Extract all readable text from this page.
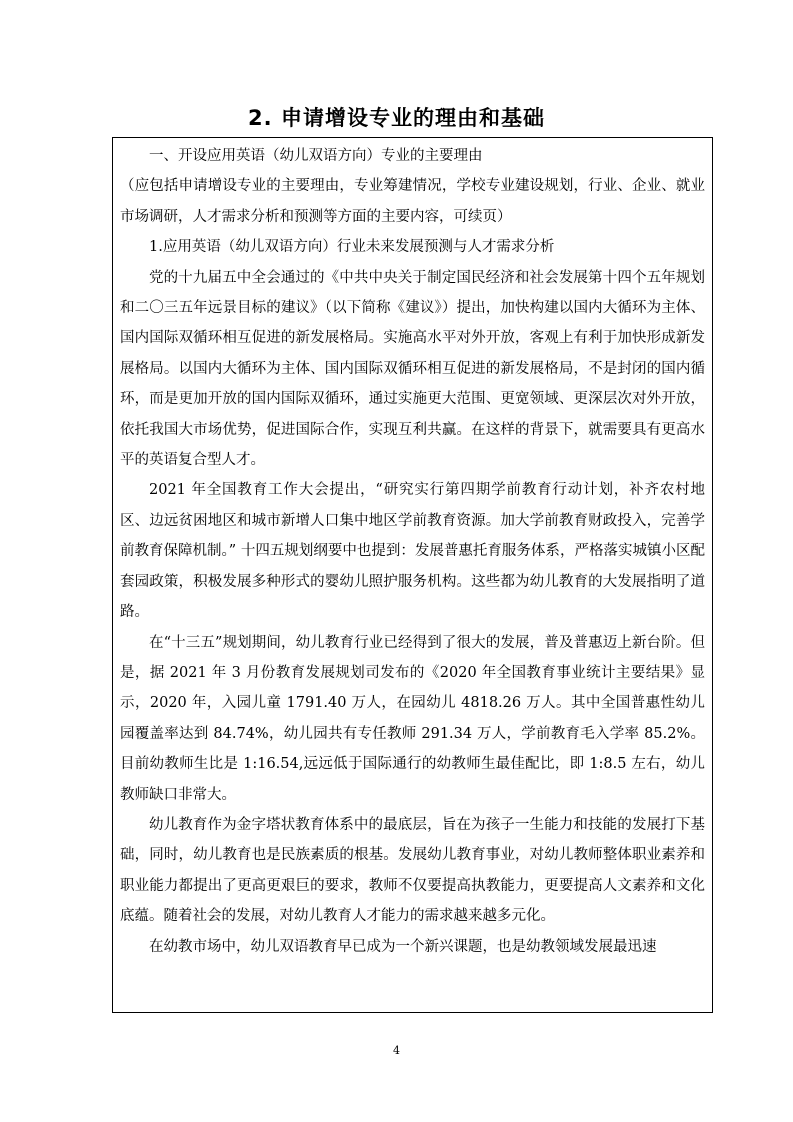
2. 申请增设专业的理由和基础

一、开设应用英语（幼儿双语方向）专业的主要理由

（应包括申请增设专业的主要理由，专业筹建情况，学校专业建设规划，行业、企业、就业市场调研，人才需求分析和预测等方面的主要内容，可续页）

1.应用英语（幼儿双语方向）行业未来发展预测与人才需求分析

党的十九届五中全会通过的《中共中央关于制定国民经济和社会发展第十四个五年规划和二〇三五年远景目标的建议》（以下简称《建议》）提出，加快构建以国内大循环为主体、国内国际双循环相互促进的新发展格局。实施高水平对外开放，客观上有利于加快形成新发展格局。以国内大循环为主体、国内国际双循环相互促进的新发展格局，不是封闭的国内循环，而是更加开放的国内国际双循环，通过实施更大范围、更宽领域、更深层次对外开放，依托我国大市场优势，促进国际合作，实现互利共赢。在这样的背景下，就需要具有更高水平的英语复合型人才。

2021 年全国教育工作大会提出，“研究实行第四期学前教育行动计划，补齐农村地区、边远贫困地区和城市新增人口集中地区学前教育资源。加大学前教育财政投入，完善学前教育保障机制。” 十四五规划纲要中也提到：发展普惠托育服务体系，严格落实城镇小区配套园政策，积极发展多种形式的婴幼儿照护服务机构。这些都为幼儿教育的大发展指明了道路。

在“十三五”规划期间，幼儿教育行业已经得到了很大的发展，普及普惠迈上新台阶。但是，据 2021 年 3 月份教育发展规划司发布的《2020 年全国教育事业统计主要结果》显示，2020 年，入园儿童 1791.40 万人，在园幼儿 4818.26 万人。其中全国普惠性幼儿园覆盖率达到 84.74%，幼儿园共有专任教师 291.34 万人，学前教育毛入学率 85.2%。目前幼教师生比是 1:16.54,远远低于国际通行的幼教师生最佳配比，即 1:8.5 左右，幼儿教师缺口非常大。

幼儿教育作为金字塔状教育体系中的最底层，旨在为孩子一生能力和技能的发展打下基础，同时，幼儿教育也是民族素质的根基。发展幼儿教育事业，对幼儿教师整体职业素养和职业能力都提出了更高更艰巨的要求，教师不仅要提高执教能力，更要提高人文素养和文化底蕴。随着社会的发展，对幼儿教育人才能力的需求越来越多元化。

在幼教市场中，幼儿双语教育早已成为一个新兴课题，也是幼教领域发展最迅速

4
